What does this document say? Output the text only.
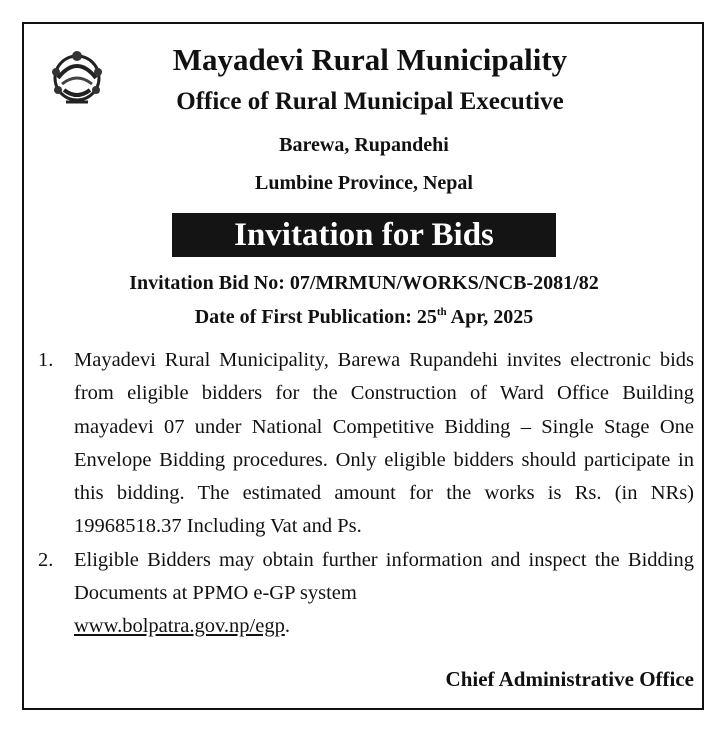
Mayadevi Rural Municipality
Office of Rural Municipal Executive
Barewa, Rupandehi
Lumbine Province, Nepal
Invitation for Bids
Invitation Bid No: 07/MRMUN/WORKS/NCB-2081/82
Date of First Publication: 25th Apr, 2025
1.	Mayadevi Rural Municipality, Barewa Rupandehi invites electronic bids from eligible bidders for the Construction of Ward Office Building mayadevi 07 under National Competitive Bidding – Single Stage One Envelope Bidding procedures. Only eligible bidders should participate in this bidding. The estimated amount for the works is Rs. (in NRs) 19968518.37 Including Vat and Ps.
2.	Eligible Bidders may obtain further information and inspect the Bidding Documents at PPMO e-GP system
www.bolpatra.gov.np/egp.
Chief Administrative Office
